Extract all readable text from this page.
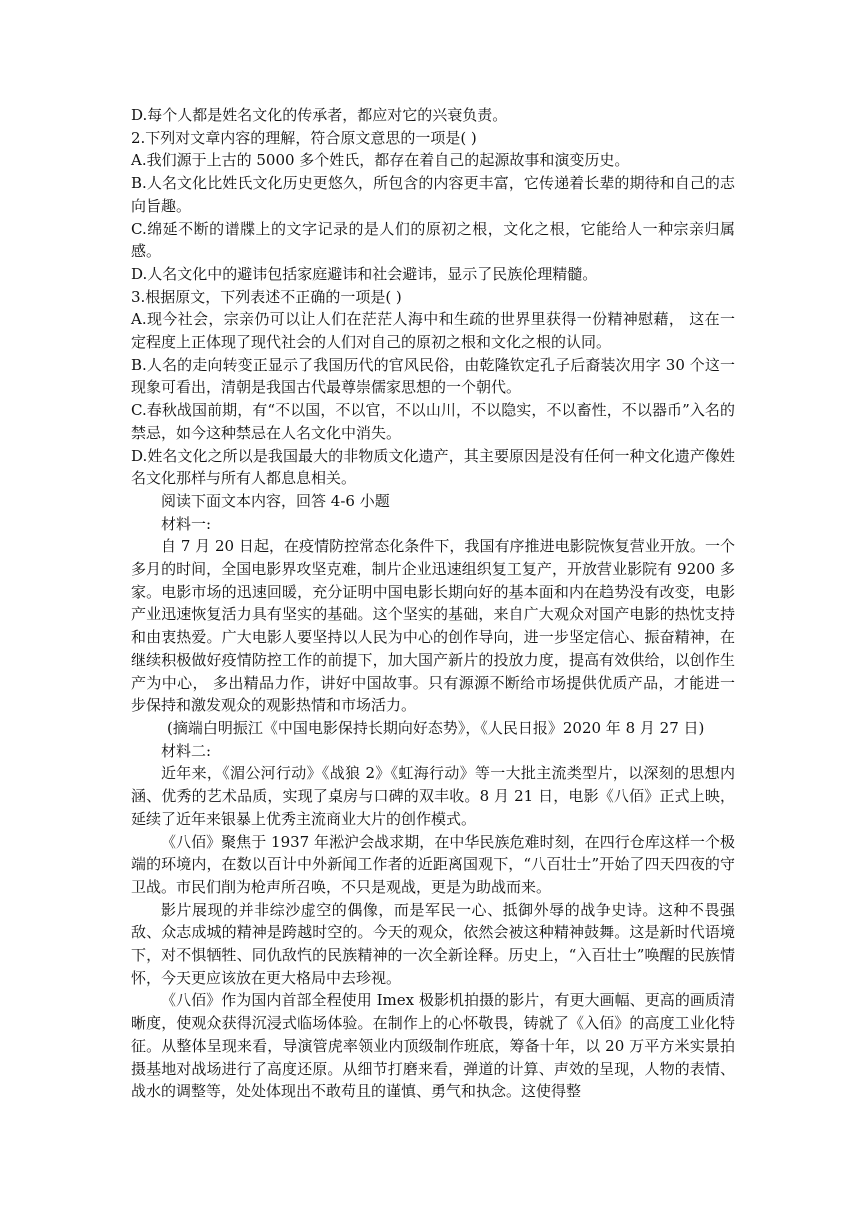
D.每个人都是姓名文化的传承者，都应对它的兴衰负责。

2.下列对文章内容的理解，符合原文意思的一项是( )

A.我们源于上古的 5000 多个姓氏，都存在着自己的起源故事和演变历史。

B.人名文化比姓氏文化历史更悠久，所包含的内容更丰富，它传递着长辈的期待和自己的志向旨趣。

C.绵延不断的谱牒上的文字记录的是人们的原初之根，文化之根，它能给人一种宗亲归属感。

D.人名文化中的避讳包括家庭避讳和社会避讳，显示了民族伦理精髓。

3.根据原文，下列表述不正确的一项是( )

A.现今社会，宗亲仍可以让人们在茫茫人海中和生疏的世界里获得一份精神慰藉， 这在一定程度上正体现了现代社会的人们对自己的原初之根和文化之根的认同。

B.人名的走向转变正显示了我国历代的官风民俗，由乾隆钦定孔子后裔装次用字 30 个这一现象可看出，清朝是我国古代最尊崇儒家思想的一个朝代。

C.春秋战国前期，有“不以国，不以官，不以山川，不以隐实，不以畜性，不以器币”入名的禁忌，如今这种禁忌在人名文化中消失。

D.姓名文化之所以是我国最大的非物质文化遗产，其主要原因是没有任何一种文化遗产像姓名文化那样与所有人都息息相关。

阅读下面文本内容，回答 4-6 小题

材料一:

自 7 月 20 日起，在疫情防控常态化条件下，我国有序推进电影院恢复营业开放。一个多月的时间，全国电影界攻坚克难，制片企业迅速组织复工复产，开放营业影院有 9200 多家。电影市场的迅速回暖，充分证明中国电影长期向好的基本面和内在趋势没有改变，电影产业迅速恢复活力具有坚实的基础。这个坚实的基础，来自广大观众对国产电影的热忱支持和由衷热爱。广大电影人要坚持以人民为中心的创作导向，进一步坚定信心、振奋精神，在继续积极做好疫情防控工作的前提下，加大国产新片的投放力度，提高有效供给，以创作生产为中心， 多出精品力作，讲好中国故事。只有源源不断给市场提供优质产品，才能进一步保持和激发观众的观影热情和市场活力。

(摘端白明振江《中国电影保持长期向好态势》，《人民日报》2020 年 8 月 27 日)

材料二:

近年来，《湄公河行动》《战狼 2》《虹海行动》等一大批主流类型片，以深刻的思想内涵、优秀的艺术品质，实现了桌房与口碑的双丰收。8 月 21 日，电影《八佰》正式上映，延续了近年来银暴上优秀主流商业大片的创作模式。

《八佰》聚焦于 1937 年淞沪会战求期，在中华民族危难时刻，在四行仓库这样一个极端的环境内，在数以百计中外新闻工作者的近距离国观下，“八百壮士”开始了四天四夜的守卫战。市民们削为枪声所召唤，不只是观战，更是为助战而来。

影片展现的并非综沙虚空的偶像，而是军民一心、抵御外辱的战争史诗。这种不畏强敌、众志成城的精神是跨越时空的。今天的观众，依然会被这种精神鼓舞。这是新时代语境下，对不惧牺牲、同仇敌忾的民族精神的一次全新诠释。历史上，“入百壮士”唤醒的民族情怀，今天更应该放在更大格局中去珍视。

《八佰》作为国内首部全程使用 Imex 极影机拍摄的影片，有更大画幅、更高的画质清晰度，使观众获得沉浸式临场体验。在制作上的心怀敬畏，铸就了《入佰》的高度工业化特征。从整体呈现来看，导演管虎率领业内顶级制作班底，筹备十年，以 20 万平方米实景拍摄基地对战场进行了高度还原。从细节打磨来看，弹道的计算、声效的呈现，人物的表情、战水的调整等，处处体现出不敢苟且的谨慎、勇气和执念。这使得整
